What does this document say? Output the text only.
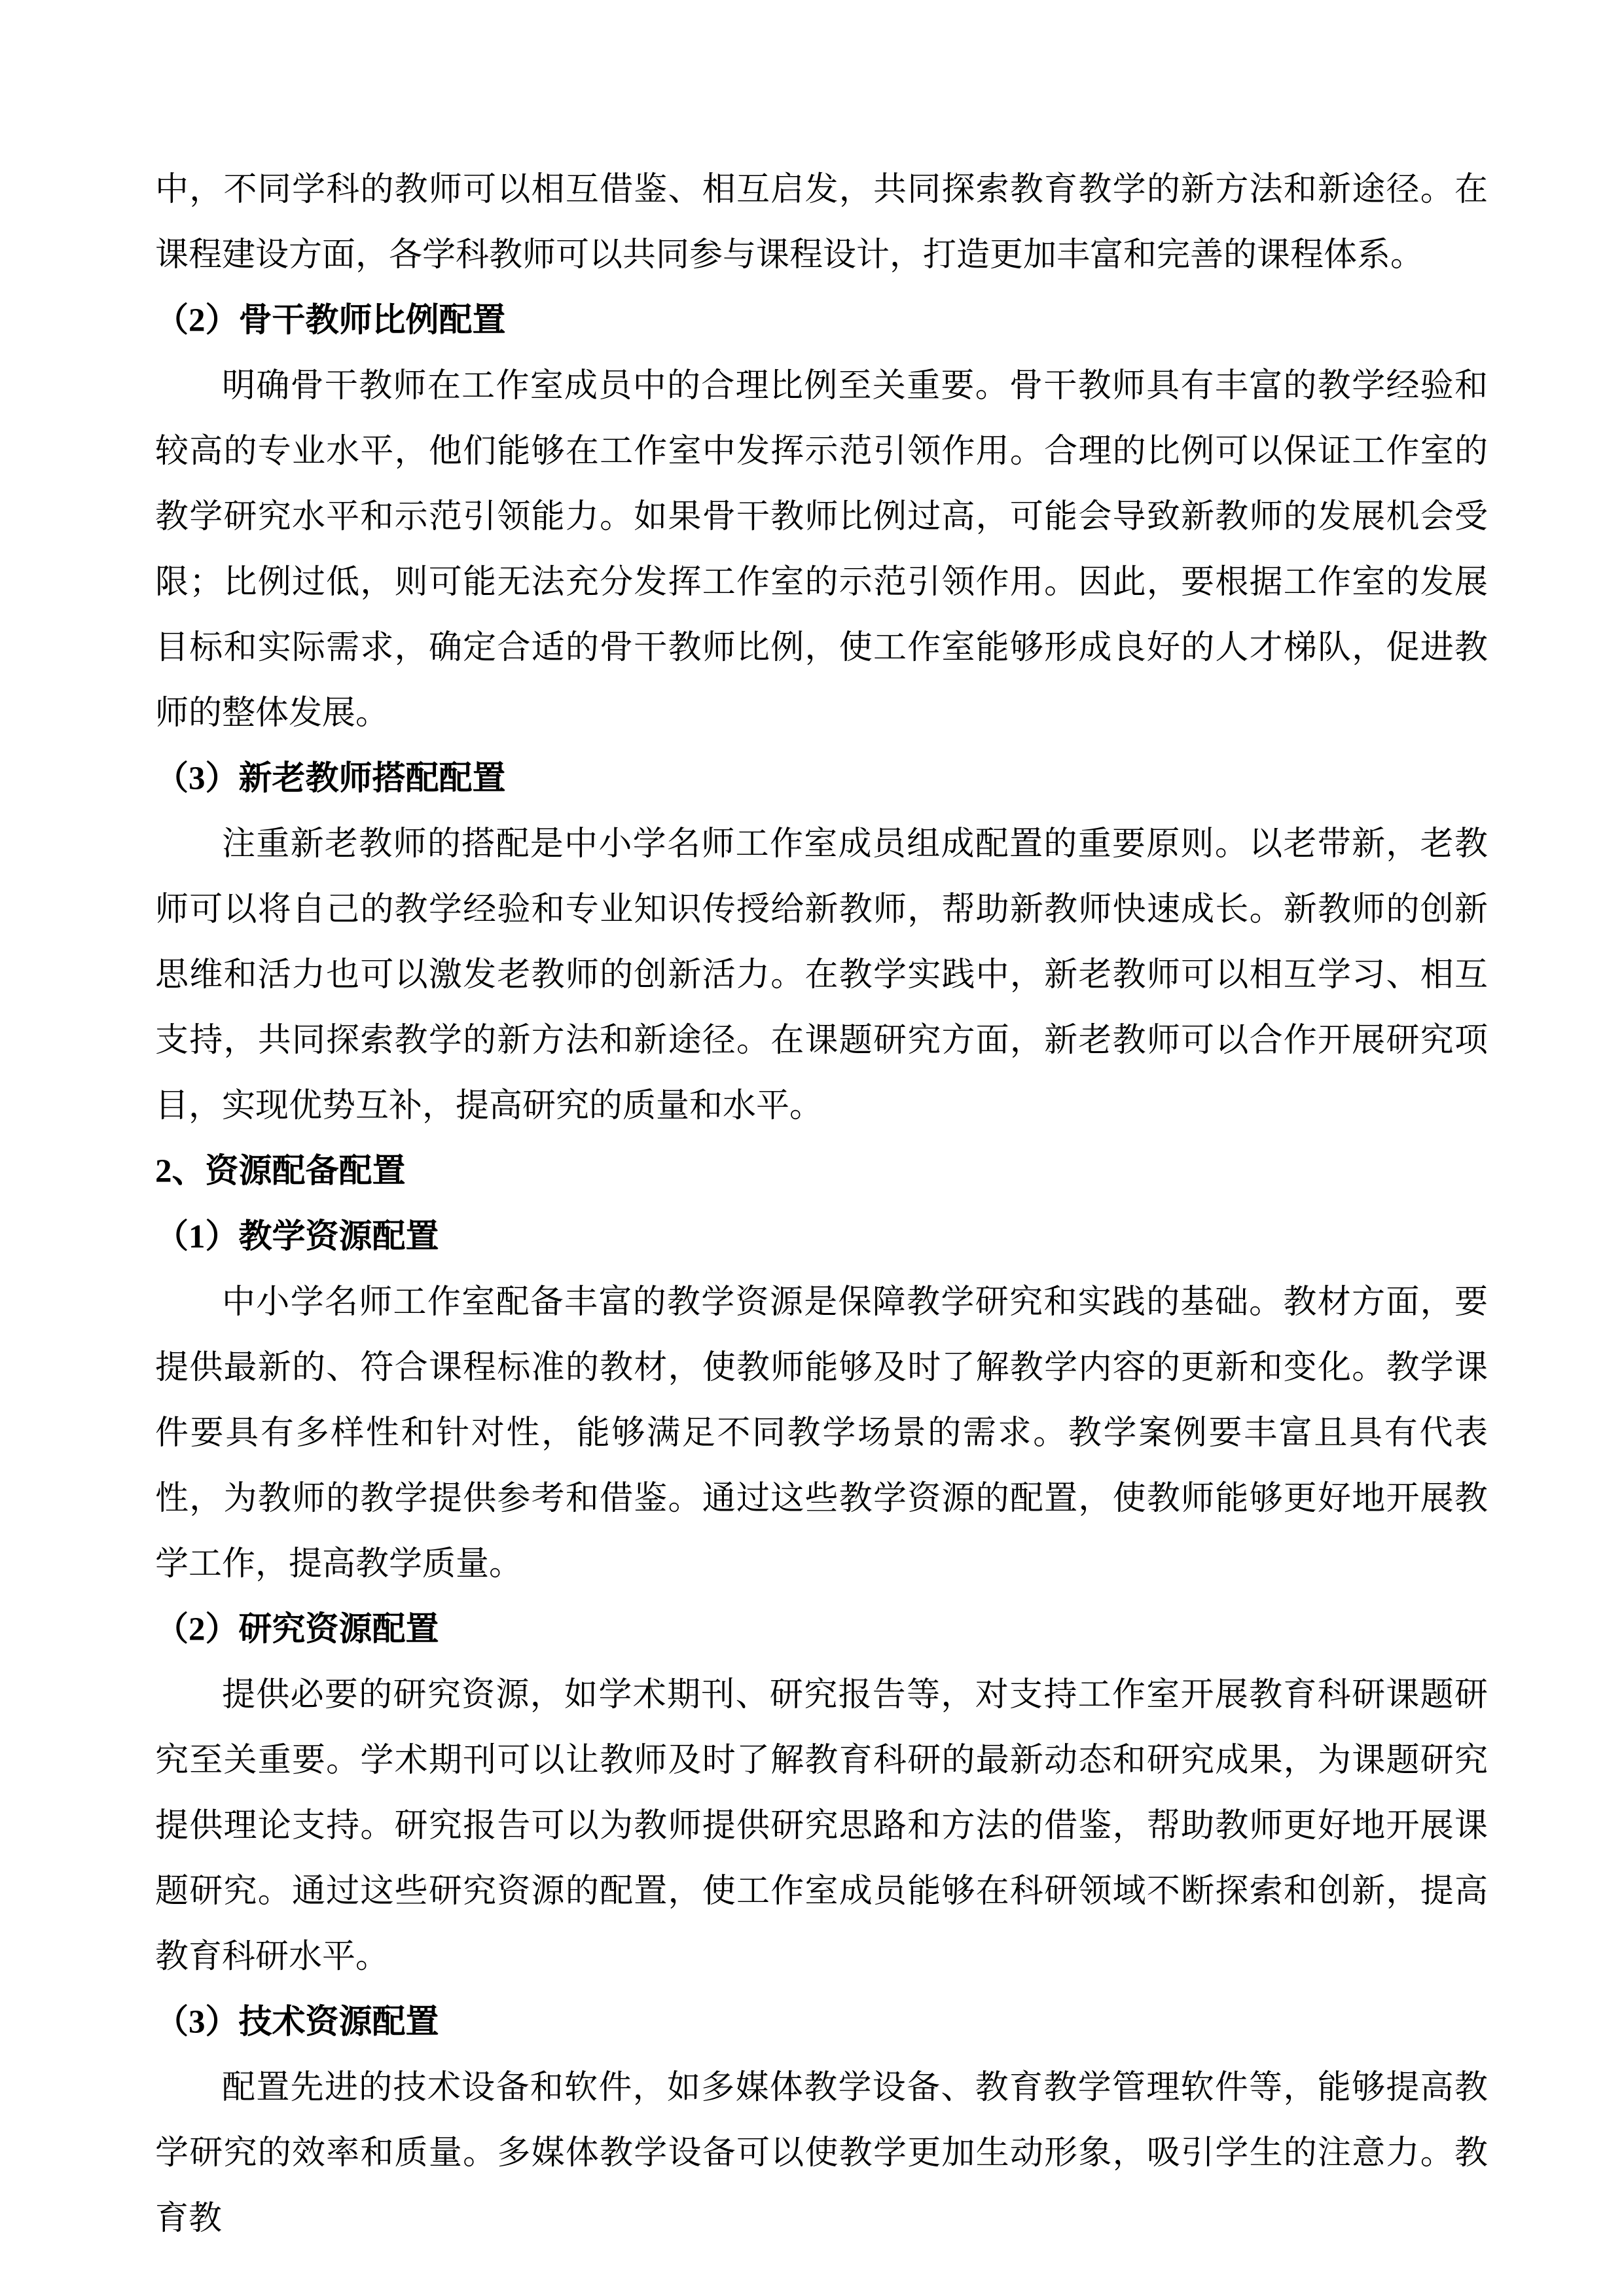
中，不同学科的教师可以相互借鉴、相互启发，共同探索教育教学的新方法和新途径。在课程建设方面，各学科教师可以共同参与课程设计，打造更加丰富和完善的课程体系。

（2）骨干教师比例配置

明确骨干教师在工作室成员中的合理比例至关重要。骨干教师具有丰富的教学经验和较高的专业水平，他们能够在工作室中发挥示范引领作用。合理的比例可以保证工作室的教学研究水平和示范引领能力。如果骨干教师比例过高，可能会导致新教师的发展机会受限；比例过低，则可能无法充分发挥工作室的示范引领作用。因此，要根据工作室的发展目标和实际需求，确定合适的骨干教师比例，使工作室能够形成良好的人才梯队，促进教师的整体发展。

（3）新老教师搭配配置

注重新老教师的搭配是中小学名师工作室成员组成配置的重要原则。以老带新，老教师可以将自己的教学经验和专业知识传授给新教师，帮助新教师快速成长。新教师的创新思维和活力也可以激发老教师的创新活力。在教学实践中，新老教师可以相互学习、相互支持，共同探索教学的新方法和新途径。在课题研究方面，新老教师可以合作开展研究项目，实现优势互补，提高研究的质量和水平。

2、资源配备配置

（1）教学资源配置

中小学名师工作室配备丰富的教学资源是保障教学研究和实践的基础。教材方面，要提供最新的、符合课程标准的教材，使教师能够及时了解教学内容的更新和变化。教学课件要具有多样性和针对性，能够满足不同教学场景的需求。教学案例要丰富且具有代表性，为教师的教学提供参考和借鉴。通过这些教学资源的配置，使教师能够更好地开展教学工作，提高教学质量。

（2）研究资源配置

提供必要的研究资源，如学术期刊、研究报告等，对支持工作室开展教育科研课题研究至关重要。学术期刊可以让教师及时了解教育科研的最新动态和研究成果，为课题研究提供理论支持。研究报告可以为教师提供研究思路和方法的借鉴，帮助教师更好地开展课题研究。通过这些研究资源的配置，使工作室成员能够在科研领域不断探索和创新，提高教育科研水平。

（3）技术资源配置

配置先进的技术设备和软件，如多媒体教学设备、教育教学管理软件等，能够提高教学研究的效率和质量。多媒体教学设备可以使教学更加生动形象，吸引学生的注意力。教育教
